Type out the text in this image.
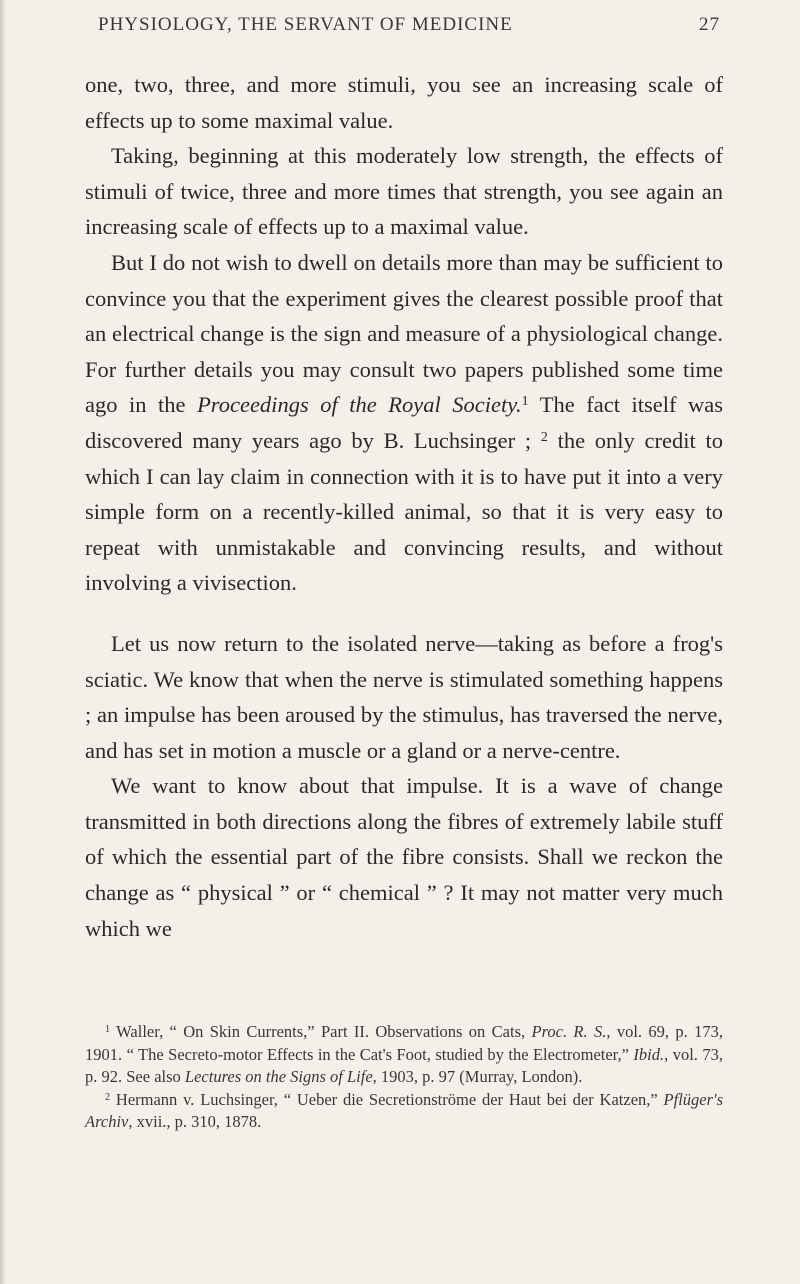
PHYSIOLOGY, THE SERVANT OF MEDICINE	27

one, two, three, and more stimuli, you see an increasing scale of effects up to some maximal value.

Taking, beginning at this moderately low strength, the effects of stimuli of twice, three and more times that strength, you see again an increasing scale of effects up to a maximal value.

But I do not wish to dwell on details more than may be sufficient to convince you that the experiment gives the clearest possible proof that an electrical change is the sign and measure of a physiological change. For further details you may consult two papers published some time ago in the Proceedings of the Royal Society.$^1$ The fact itself was discovered many years ago by B. Luchsinger ; $^2$ the only credit to which I can lay claim in connection with it is to have put it into a very simple form on a recently-killed animal, so that it is very easy to repeat with unmistakable and convincing results, and without involving a vivisection.

Let us now return to the isolated nerve—taking as before a frog's sciatic. We know that when the nerve is stimulated something happens ; an impulse has been aroused by the stimulus, has traversed the nerve, and has set in motion a muscle or a gland or a nerve-centre.

We want to know about that impulse. It is a wave of change transmitted in both directions along the fibres of extremely labile stuff of which the essential part of the fibre consists. Shall we reckon the change as “ physical ” or “ chemical ” ? It may not matter very much which we

$^1$ Waller, “ On Skin Currents,” Part II. Observations on Cats, Proc. R. S., vol. 69, p. 173, 1901. “ The Secreto-motor Effects in the Cat's Foot, studied by the Electrometer,” Ibid., vol. 73, p. 92. See also Lectures on the Signs of Life, 1903, p. 97 (Murray, London).

$^2$ Hermann v. Luchsinger, “ Ueber die Secretionströme der Haut bei der Katzen,” Pflüger's Archiv, xvii., p. 310, 1878.
